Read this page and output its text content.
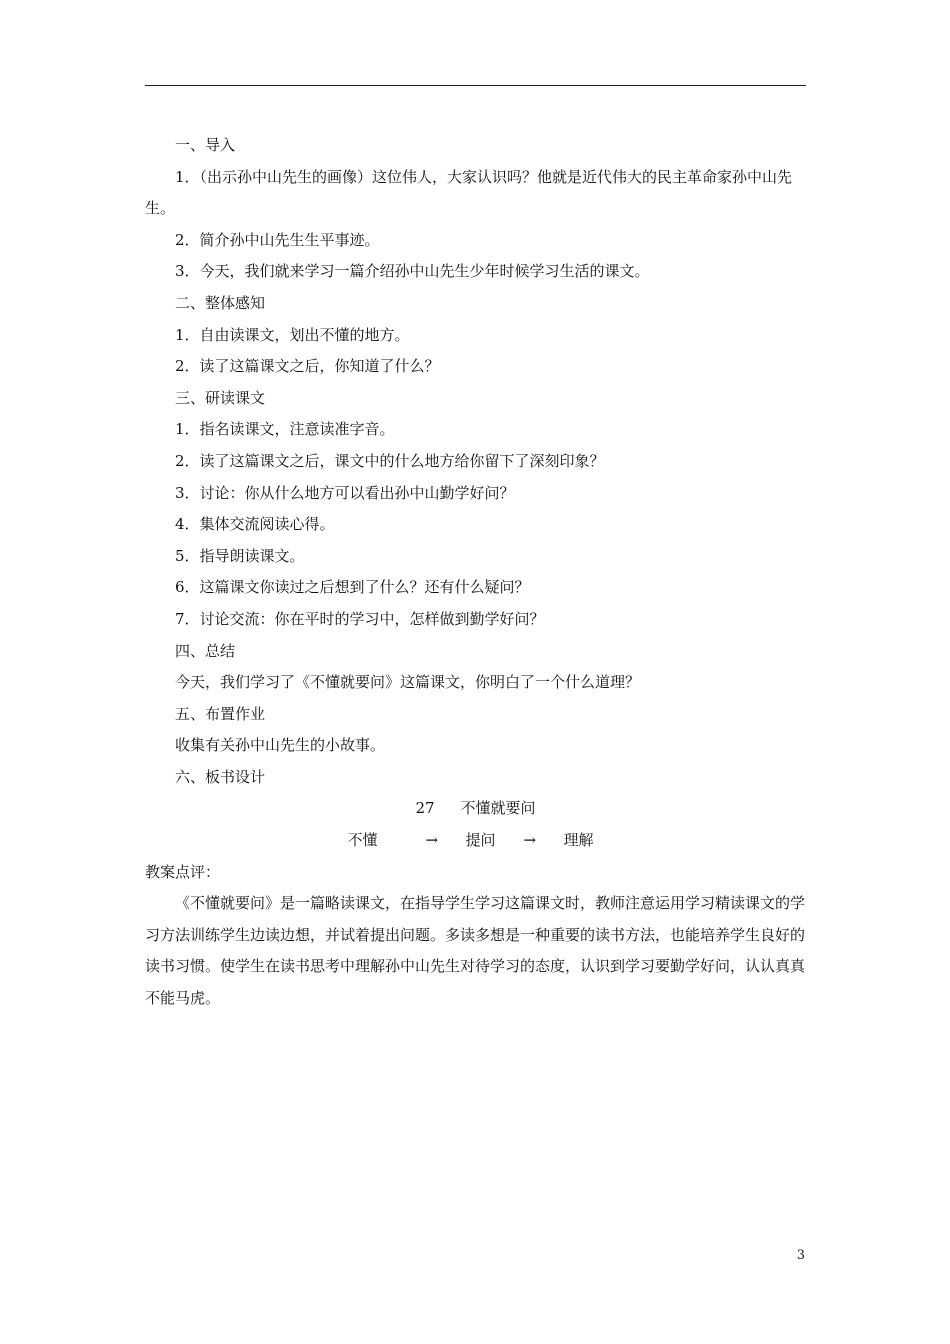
一、导入

1．（出示孙中山先生的画像）这位伟人，大家认识吗？他就是近代伟大的民主革命家孙中山先生。

2．简介孙中山先生生平事迹。
3．今天，我们就来学习一篇介绍孙中山先生少年时候学习生活的课文。
二、整体感知
1．自由读课文，划出不懂的地方。
2．读了这篇课文之后，你知道了什么？
三、研读课文
1．指名读课文，注意读准字音。
2．读了这篇课文之后，课文中的什么地方给你留下了深刻印象？
3．讨论：你从什么地方可以看出孙中山勤学好问？
4．集体交流阅读心得。
5．指导朗读课文。
6．这篇课文你读过之后想到了什么？还有什么疑问？
7．讨论交流：你在平时的学习中，怎样做到勤学好问？
四、总结
今天，我们学习了《不懂就要问》这篇课文，你明白了一个什么道理？
五、布置作业
收集有关孙中山先生的小故事。
六、板书设计
27 不懂就要问
不懂	→	提问	→	理解
教案点评：

《不懂就要问》是一篇略读课文，在指导学生学习这篇课文时，教师注意运用学习精读课文的学习方法训练学生边读边想，并试着提出问题。多读多想是一种重要的读书方法，也能培养学生良好的读书习惯。使学生在读书思考中理解孙中山先生对待学习的态度，认识到学习要勤学好问，认认真真不能马虎。

3
